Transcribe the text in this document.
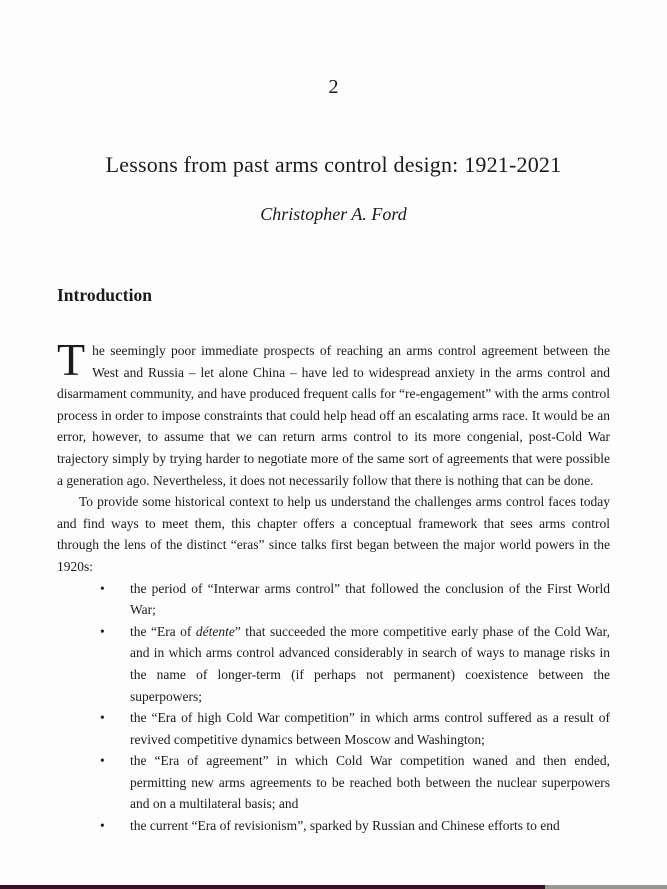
2
Lessons from past arms control design: 1921-2021
Christopher A. Ford
Introduction
The seemingly poor immediate prospects of reaching an arms control agreement between the West and Russia – let alone China – have led to widespread anxiety in the arms control and disarmament community, and have produced frequent calls for “re-engagement” with the arms control process in order to impose constraints that could help head off an escalating arms race. It would be an error, however, to assume that we can return arms control to its more congenial, post-Cold War trajectory simply by trying harder to negotiate more of the same sort of agreements that were possible a generation ago. Nevertheless, it does not necessarily follow that there is nothing that can be done.
To provide some historical context to help us understand the challenges arms control faces today and find ways to meet them, this chapter offers a conceptual framework that sees arms control through the lens of the distinct “eras” since talks first began between the major world powers in the 1920s:
• the period of “Interwar arms control” that followed the conclusion of the First World War;
• the “Era of détente” that succeeded the more competitive early phase of the Cold War, and in which arms control advanced considerably in search of ways to manage risks in the name of longer-term (if perhaps not permanent) coexistence between the superpowers;
• the “Era of high Cold War competition” in which arms control suffered as a result of revived competitive dynamics between Moscow and Washington;
• the “Era of agreement” in which Cold War competition waned and then ended, permitting new arms agreements to be reached both between the nuclear superpowers and on a multilateral basis; and
• the current “Era of revisionism”, sparked by Russian and Chinese efforts to end
